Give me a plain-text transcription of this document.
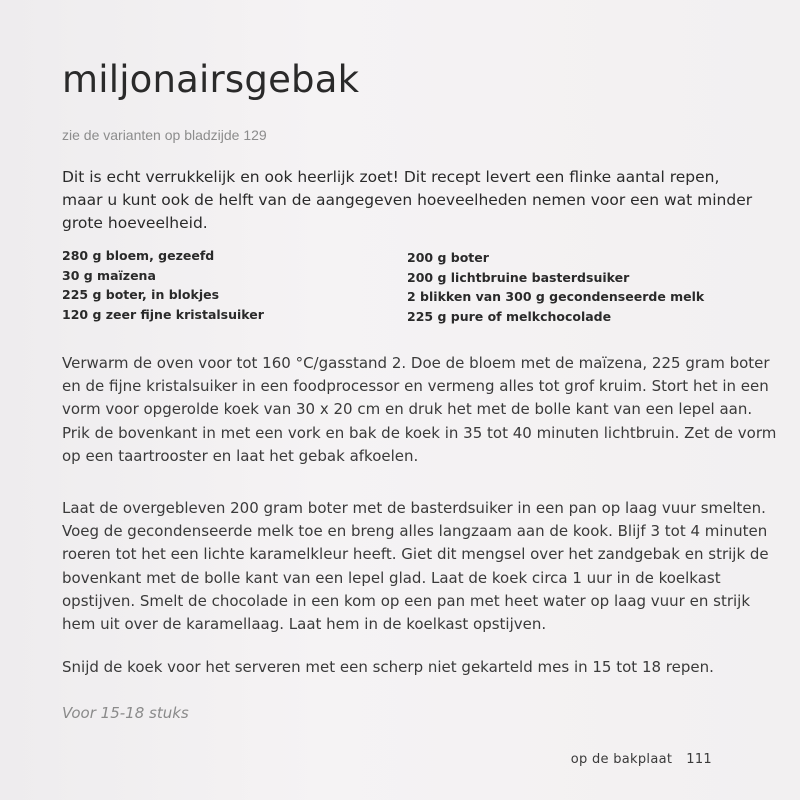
miljonairsgebak
zie de varianten op bladzijde 129
Dit is echt verrukkelijk en ook heerlijk zoet! Dit recept levert een flinke aantal repen, maar u kunt ook de helft van de aangegeven hoeveelheden nemen voor een wat minder grote hoeveelheid.
280 g bloem, gezeefd
30 g maïzena
225 g boter, in blokjes
120 g zeer fijne kristalsuiker
200 g boter
200 g lichtbruine basterdsuiker
2 blikken van 300 g gecondenseerde melk
225 g pure of melkchocolade

Verwarm de oven voor tot 160 °C/gasstand 2. Doe de bloem met de maïzena, 225 gram boter en de fijne kristalsuiker in een foodprocessor en vermeng alles tot grof kruim. Stort het in een vorm voor opgerolde koek van 30 x 20 cm en druk het met de bolle kant van een lepel aan. Prik de bovenkant in met een vork en bak de koek in 35 tot 40 minuten lichtbruin. Zet de vorm op een taartrooster en laat het gebak afkoelen.

Laat de overgebleven 200 gram boter met de basterdsuiker in een pan op laag vuur smelten. Voeg de gecondenseerde melk toe en breng alles langzaam aan de kook. Blijf 3 tot 4 minuten roeren tot het een lichte karamelkleur heeft. Giet dit mengsel over het zandgebak en strijk de bovenkant met de bolle kant van een lepel glad. Laat de koek circa 1 uur in de koelkast opstijven. Smelt de chocolade in een kom op een pan met heet water op laag vuur en strijk hem uit over de karamellaag. Laat hem in de koelkast opstijven.

Snijd de koek voor het serveren met een scherp niet gekarteld mes in 15 tot 18 repen.

Voor 15-18 stuks
op de bakplaat 111
